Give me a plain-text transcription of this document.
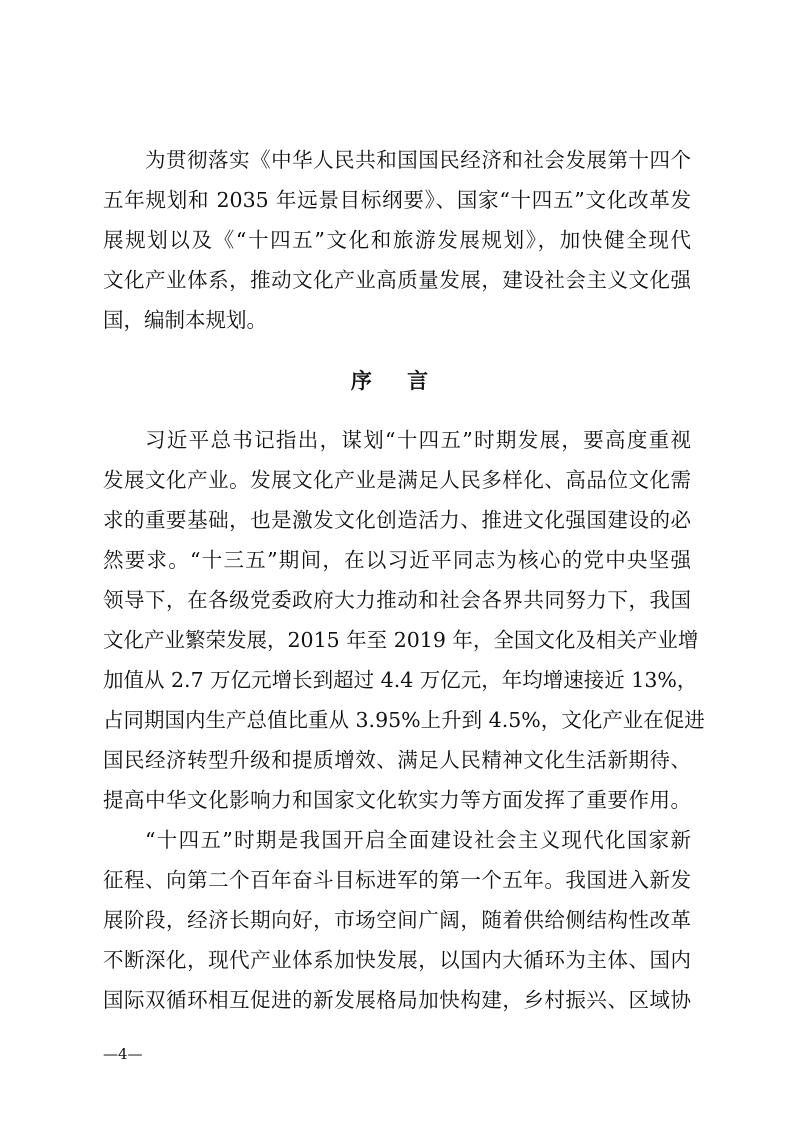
为贯彻落实《中华人民共和国国民经济和社会发展第十四个
五年规划和 2035 年远景目标纲要》、国家“十四五”文化改革发
展规划以及《“十四五”文化和旅游发展规划》，加快健全现代
文化产业体系，推动文化产业高质量发展，建设社会主义文化强
国，编制本规划。
序 言
习近平总书记指出，谋划“十四五”时期发展，要高度重视
发展文化产业。发展文化产业是满足人民多样化、高品位文化需
求的重要基础，也是激发文化创造活力、推进文化强国建设的必
然要求。“十三五”期间，在以习近平同志为核心的党中央坚强
领导下，在各级党委政府大力推动和社会各界共同努力下，我国
文化产业繁荣发展，2015 年至 2019 年，全国文化及相关产业增
加值从 2.7 万亿元增长到超过 4.4 万亿元，年均增速接近 13%，
占同期国内生产总值比重从 3.95%上升到 4.5%，文化产业在促进
国民经济转型升级和提质增效、满足人民精神文化生活新期待、
提高中华文化影响力和国家文化软实力等方面发挥了重要作用。
“十四五”时期是我国开启全面建设社会主义现代化国家新
征程、向第二个百年奋斗目标进军的第一个五年。我国进入新发
展阶段，经济长期向好，市场空间广阔，随着供给侧结构性改革
不断深化，现代产业体系加快发展，以国内大循环为主体、国内
国际双循环相互促进的新发展格局加快构建，乡村振兴、区域协
—4—
